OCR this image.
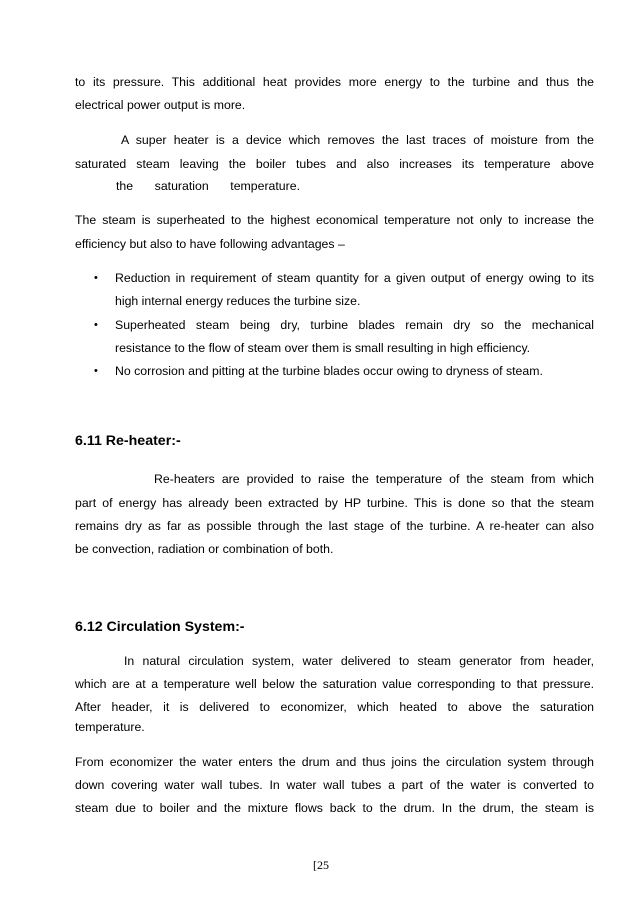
to its pressure. This additional heat provides more energy to the turbine and thus the
electrical power output is more.
A super heater is a device which removes the last traces of moisture from the
saturated steam leaving the boiler tubes and also increases its temperature above
the saturation temperature.
The steam is superheated to the highest economical temperature not only to increase the
efficiency but also to have following advantages –
• Reduction in requirement of steam quantity for a given output of energy owing to its
high internal energy reduces the turbine size.
• Superheated steam being dry, turbine blades remain dry so the mechanical
resistance to the flow of steam over them is small resulting in high efficiency.
• No corrosion and pitting at the turbine blades occur owing to dryness of steam.
6.11 Re-heater:-
Re-heaters are provided to raise the temperature of the steam from which
part of energy has already been extracted by HP turbine. This is done so that the steam
remains dry as far as possible through the last stage of the turbine. A re-heater can also
be convection, radiation or combination of both.
6.12 Circulation System:-
In natural circulation system, water delivered to steam generator from header,
which are at a temperature well below the saturation value corresponding to that pressure.
After header, it is delivered to economizer, which heated to above the saturation
temperature.
From economizer the water enters the drum and thus joins the circulation system through
down covering water wall tubes. In water wall tubes a part of the water is converted to
steam due to boiler and the mixture flows back to the drum. In the drum, the steam is
[25
